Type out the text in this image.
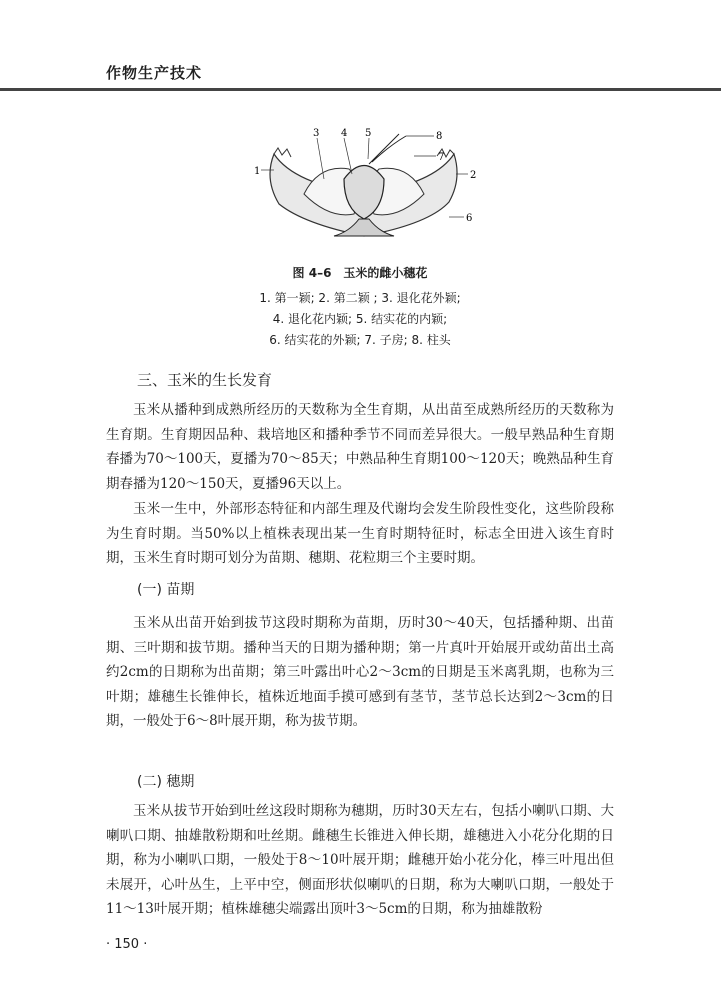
作物生产技术
1	2
3 4 5
6
7
8
图 4–6　玉米的雌小穗花
1. 第一颖; 2. 第二颖 ; 3. 退化花外颖;
4. 退化花内颖; 5. 结实花的内颖;
6. 结实花的外颖; 7. 子房; 8. 柱头
三、玉米的生长发育

玉米从播种到成熟所经历的天数称为全生育期，从出苗至成熟所经历的天数称为生育期。生育期因品种、栽培地区和播种季节不同而差异很大。一般早熟品种生育期春播为70～100天，夏播为70～85天；中熟品种生育期100～120天；晚熟品种生育期春播为120～150天，夏播96天以上。

玉米一生中，外部形态特征和内部生理及代谢均会发生阶段性变化，这些阶段称为生育时期。当50%以上植株表现出某一生育时期特征时，标志全田进入该生育时期，玉米生育时期可划分为苗期、穗期、花粒期三个主要时期。

(一) 苗期

玉米从出苗开始到拔节这段时期称为苗期，历时30～40天，包括播种期、出苗期、三叶期和拔节期。播种当天的日期为播种期；第一片真叶开始展开或幼苗出土高约2cm的日期称为出苗期；第三叶露出叶心2～3cm的日期是玉米离乳期，也称为三叶期；雄穗生长锥伸长，植株近地面手摸可感到有茎节，茎节总长达到2～3cm的日期，一般处于6～8叶展开期，称为拔节期。

(二) 穗期

玉米从拔节开始到吐丝这段时期称为穗期，历时30天左右，包括小喇叭口期、大喇叭口期、抽雄散粉期和吐丝期。雌穗生长锥进入伸长期，雄穗进入小花分化期的日期，称为小喇叭口期，一般处于8～10叶展开期；雌穗开始小花分化，棒三叶甩出但未展开，心叶丛生，上平中空，侧面形状似喇叭的日期，称为大喇叭口期，一般处于11～13叶展开期；植株雄穗尖端露出顶叶3～5cm的日期，称为抽雄散粉

· 150 ·
